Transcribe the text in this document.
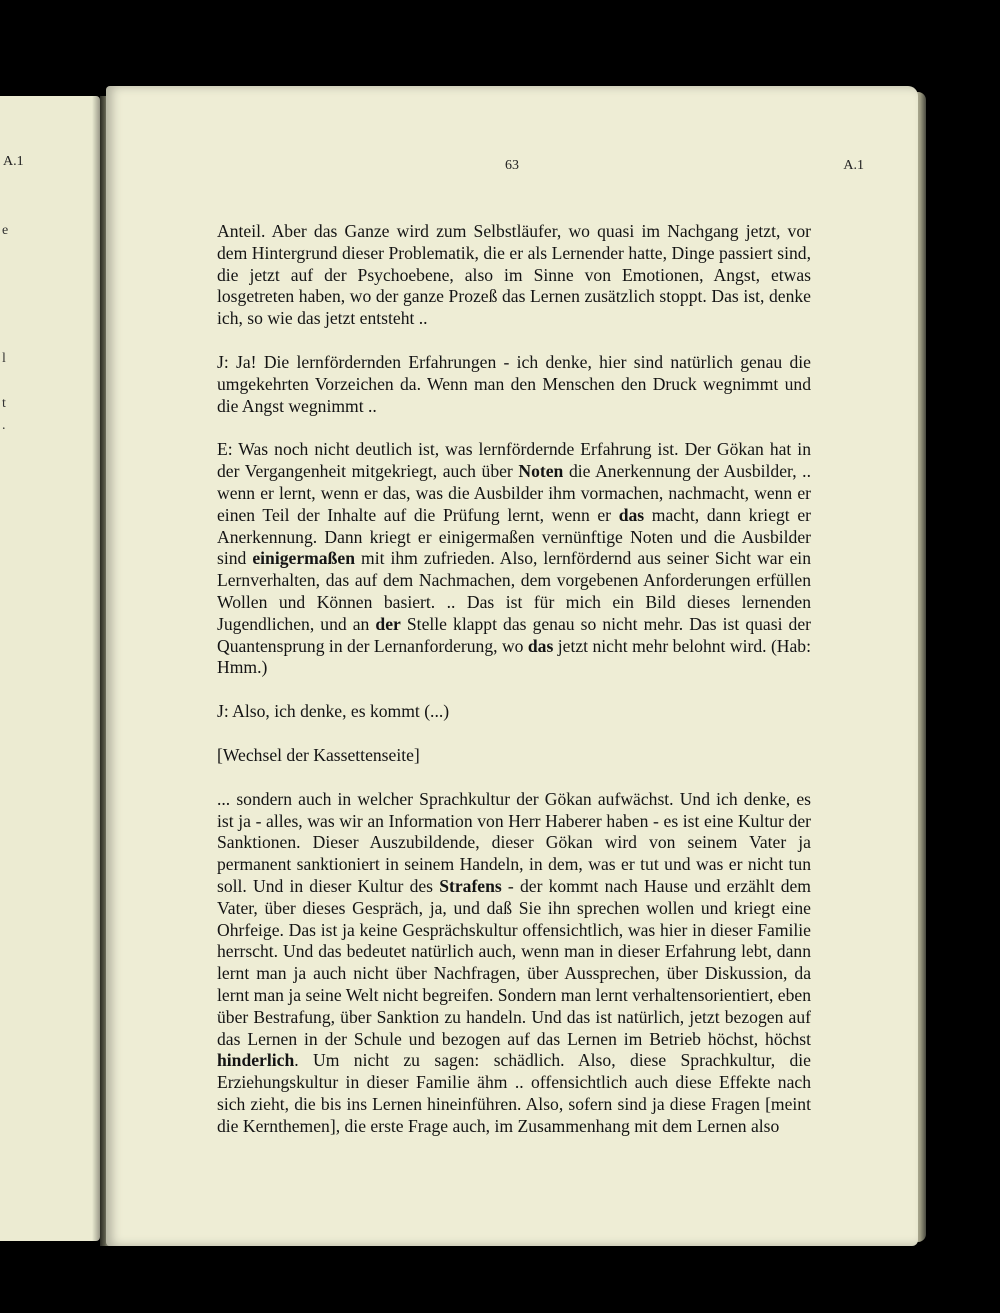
A.1
e
l
t
.
63	A.1

Anteil. Aber das Ganze wird zum Selbstläufer, wo quasi im Nachgang jetzt, vor dem Hintergrund dieser Problematik, die er als Lernender hatte, Dinge passiert sind, die jetzt auf der Psychoebene, also im Sinne von Emotionen, Angst, etwas losgetreten haben, wo der ganze Prozeß das Lernen zusätzlich stoppt. Das ist, denke ich, so wie das jetzt entsteht ..

J: Ja! Die lernfördernden Erfahrungen - ich denke, hier sind natürlich genau die umgekehrten Vorzeichen da. Wenn man den Menschen den Druck wegnimmt und die Angst wegnimmt ..

E: Was noch nicht deutlich ist, was lernfördernde Erfahrung ist. Der Gökan hat in der Vergangenheit mitgekriegt, auch über Noten die Anerkennung der Ausbilder, .. wenn er lernt, wenn er das, was die Ausbilder ihm vormachen, nachmacht, wenn er einen Teil der Inhalte auf die Prüfung lernt, wenn er das macht, dann kriegt er Anerkennung. Dann kriegt er einigermaßen vernünftige Noten und die Ausbilder sind einigermaßen mit ihm zufrieden. Also, lernfördernd aus seiner Sicht war ein Lernverhalten, das auf dem Nachmachen, dem vorgebenen Anforderungen erfüllen Wollen und Können basiert. .. Das ist für mich ein Bild dieses lernenden Jugendlichen, und an der Stelle klappt das genau so nicht mehr. Das ist quasi der Quantensprung in der Lernanforderung, wo das jetzt nicht mehr belohnt wird. (Hab: Hmm.)

J: Also, ich denke, es kommt (...)

[Wechsel der Kassettenseite]

... sondern auch in welcher Sprachkultur der Gökan aufwächst. Und ich denke, es ist ja - alles, was wir an Information von Herr Haberer haben - es ist eine Kultur der Sanktionen. Dieser Auszubildende, dieser Gökan wird von seinem Vater ja permanent sanktioniert in seinem Handeln, in dem, was er tut und was er nicht tun soll. Und in dieser Kultur des Strafens - der kommt nach Hause und erzählt dem Vater, über dieses Gespräch, ja, und daß Sie ihn sprechen wollen und kriegt eine Ohrfeige. Das ist ja keine Gesprächskultur offensichtlich, was hier in dieser Familie herrscht. Und das bedeutet natürlich auch, wenn man in dieser Erfahrung lebt, dann lernt man ja auch nicht über Nachfragen, über Aussprechen, über Diskussion, da lernt man ja seine Welt nicht begreifen. Sondern man lernt verhaltensorientiert, eben über Bestrafung, über Sanktion zu handeln. Und das ist natürlich, jetzt bezogen auf das Lernen in der Schule und bezogen auf das Lernen im Betrieb höchst, höchst hinderlich. Um nicht zu sagen: schädlich. Also, diese Sprachkultur, die Erziehungskultur in dieser Familie ähm .. offensichtlich auch diese Effekte nach sich zieht, die bis ins Lernen hineinführen. Also, sofern sind ja diese Fragen [meint die Kernthemen], die erste Frage auch, im Zusammenhang mit dem Lernen also
